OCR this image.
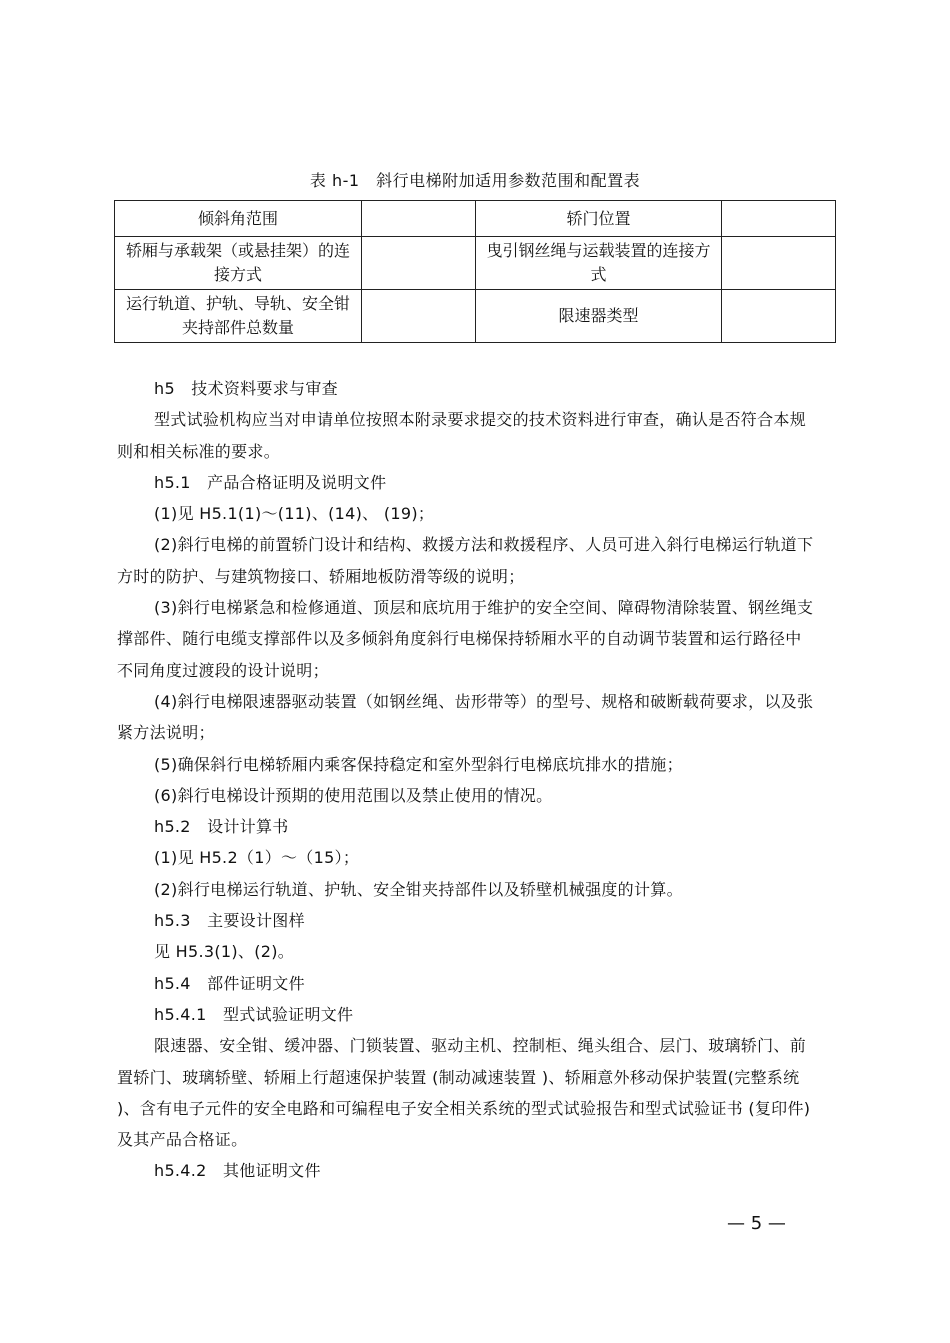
表 h-1　斜行电梯附加适用参数范围和配置表
倾斜角范围		轿门位置	
轿厢与承载架（或悬挂架）的连接方式		曳引钢丝绳与运载装置的连接方式	
运行轨道、护轨、导轨、安全钳夹持部件总数量		限速器类型	

h5　技术资料要求与审查

型式试验机构应当对申请单位按照本附录要求提交的技术资料进行审查，确认是否符合本规则和相关标准的要求。

h5.1　产品合格证明及说明文件

(1)见 H5.1(1)～(11)、(14)、 (19)；

(2)斜行电梯的前置轿门设计和结构、救援方法和救援程序、人员可进入斜行电梯运行轨道下方时的防护、与建筑物接口、轿厢地板防滑等级的说明；

(3)斜行电梯紧急和检修通道、顶层和底坑用于维护的安全空间、障碍物清除装置、钢丝绳支撑部件、随行电缆支撑部件以及多倾斜角度斜行电梯保持轿厢水平的自动调节装置和运行路径中不同角度过渡段的设计说明；

(4)斜行电梯限速器驱动装置（如钢丝绳、齿形带等）的型号、规格和破断载荷要求，以及张紧方法说明；

(5)确保斜行电梯轿厢内乘客保持稳定和室外型斜行电梯底坑排水的措施；

(6)斜行电梯设计预期的使用范围以及禁止使用的情况。

h5.2　设计计算书

(1)见 H5.2（1）～（15）；

(2)斜行电梯运行轨道、护轨、安全钳夹持部件以及轿壁机械强度的计算。

h5.3　主要设计图样

见 H5.3(1)、(2)。

h5.4　部件证明文件

h5.4.1　型式试验证明文件

限速器、安全钳、缓冲器、门锁装置、驱动主机、控制柜、绳头组合、层门、玻璃轿门、前置轿门、玻璃轿壁、轿厢上行超速保护装置 (制动减速装置 )、轿厢意外移动保护装置(完整系统 )、含有电子元件的安全电路和可编程电子安全相关系统的型式试验报告和型式试验证书 (复印件)及其产品合格证。

h5.4.2　其他证明文件

— 5 —
